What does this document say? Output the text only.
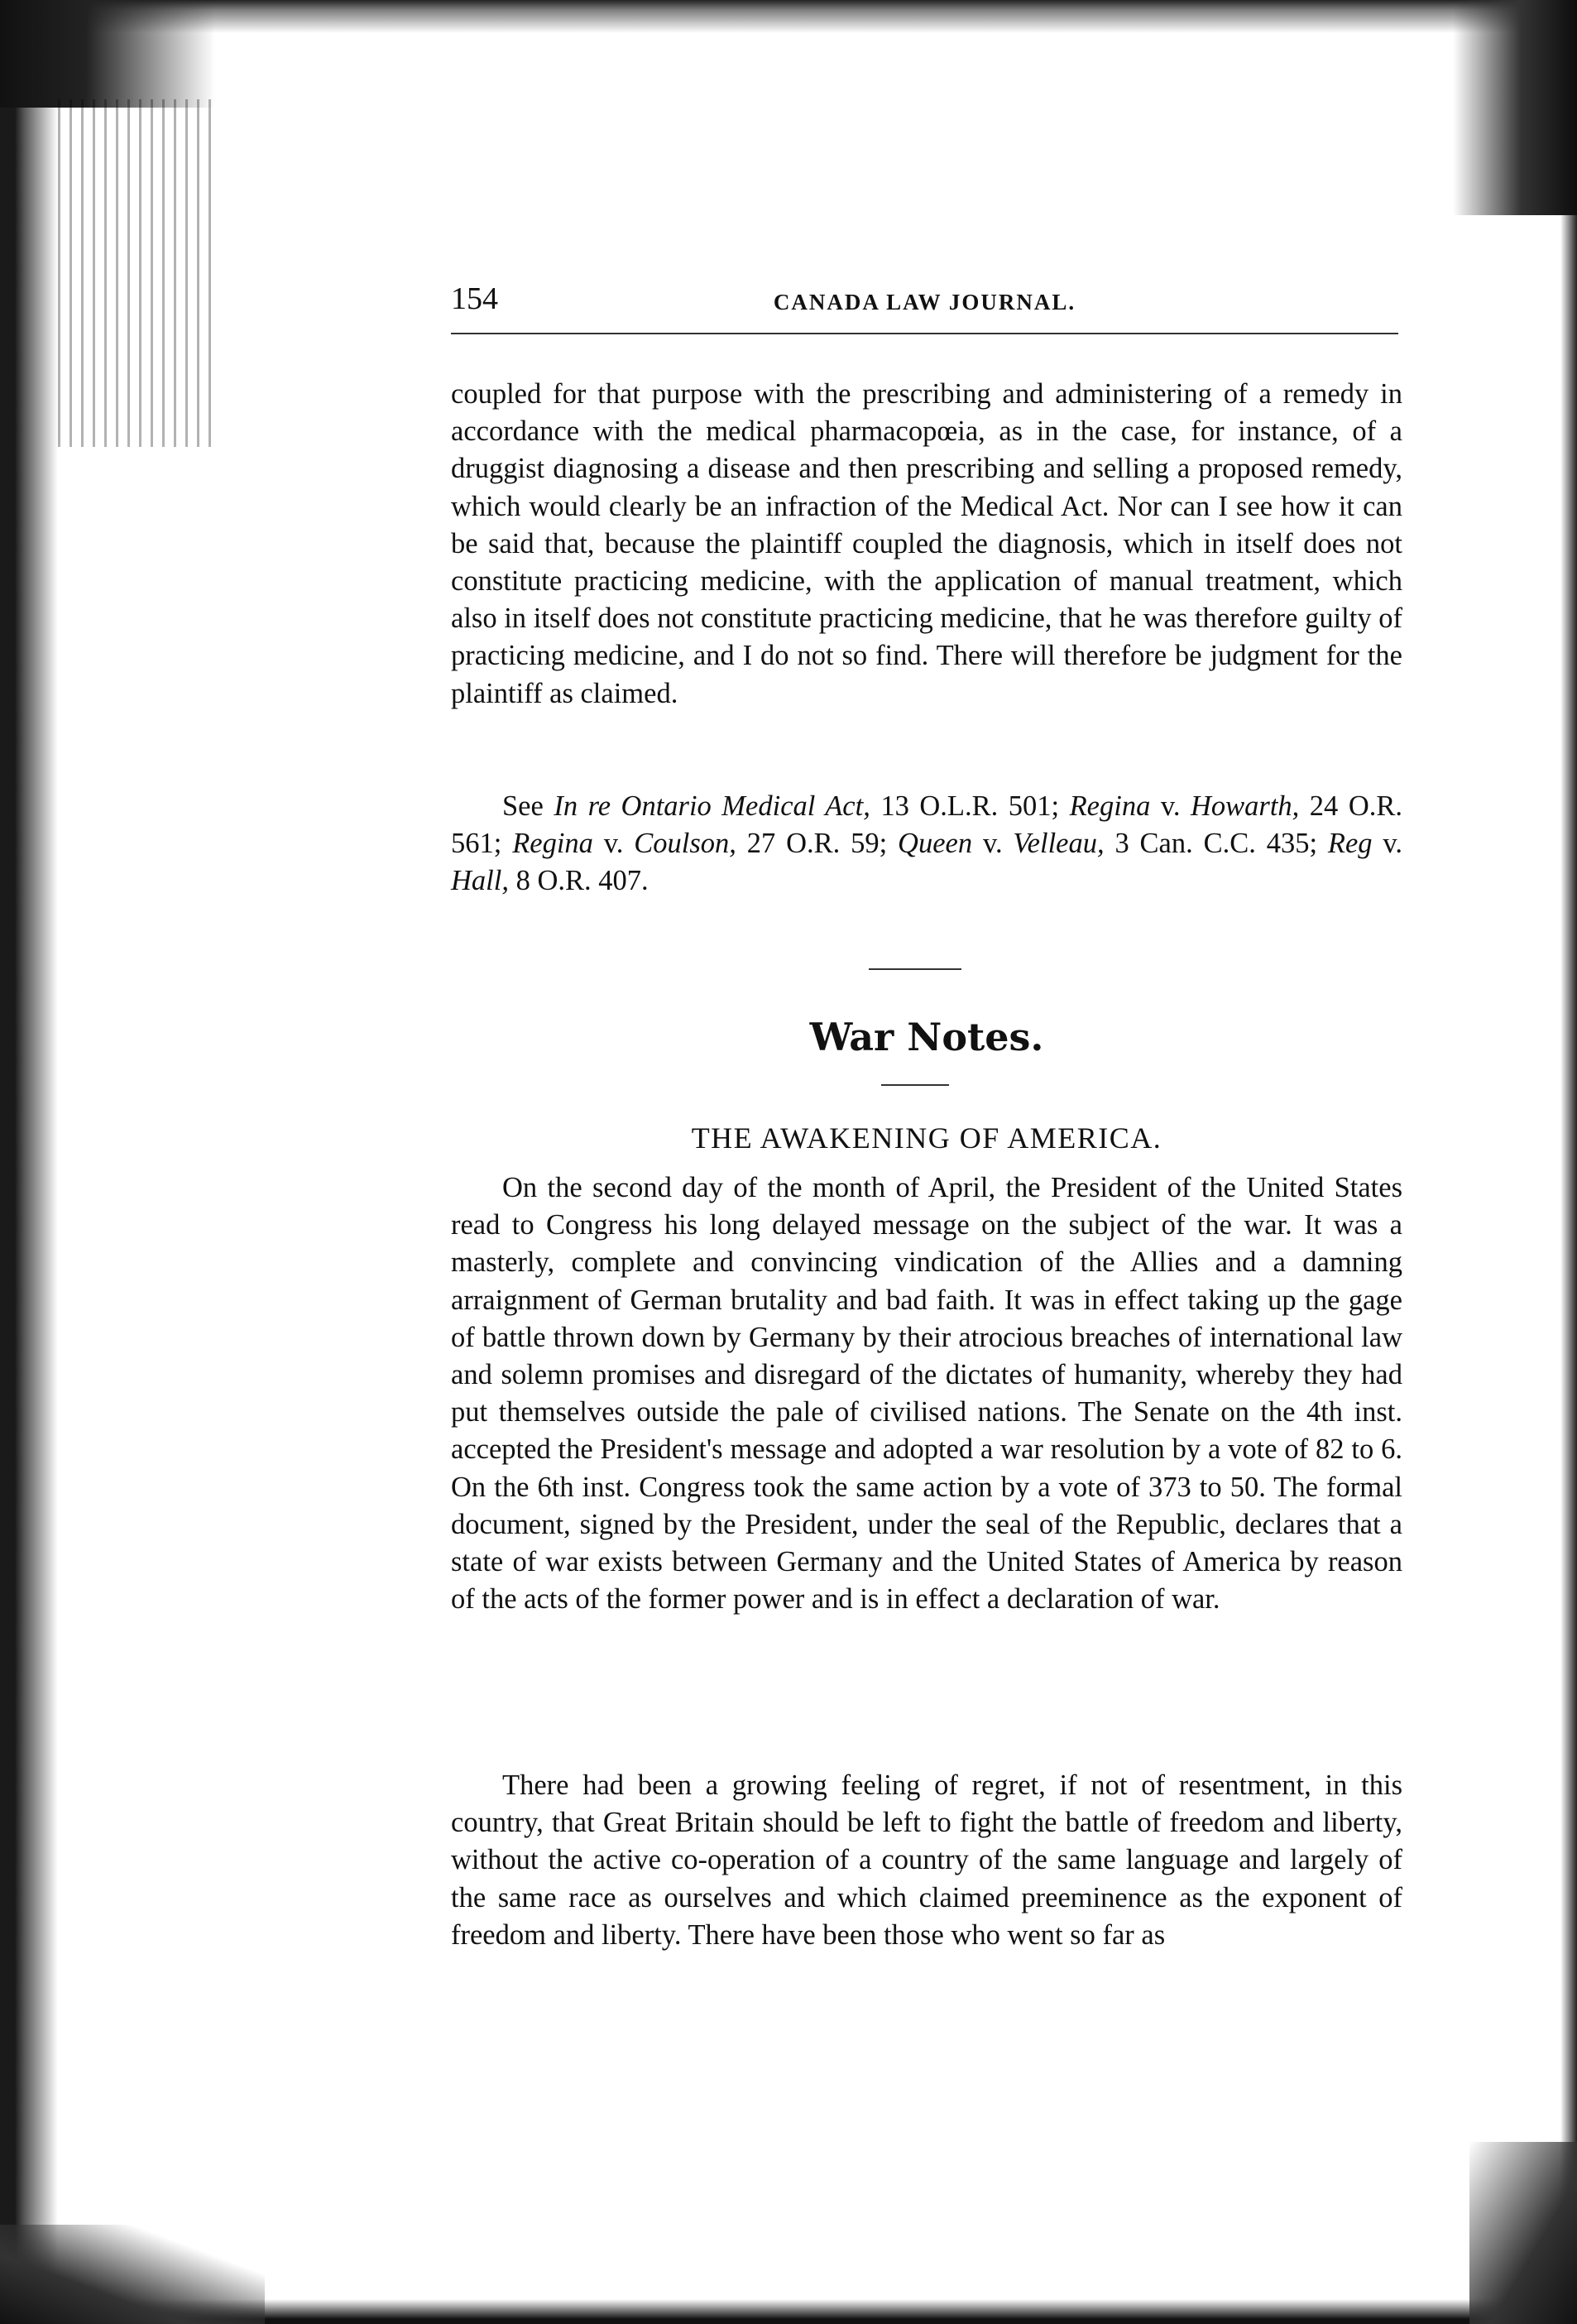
154	CANADA LAW JOURNAL.

coupled for that purpose with the prescribing and administering of a remedy in accordance with the medical pharmacopœia, as in the case, for instance, of a druggist diagnosing a disease and then prescribing and selling a proposed remedy, which would clearly be an infraction of the Medical Act. Nor can I see how it can be said that, because the plaintiff coupled the diagnosis, which in itself does not constitute practicing medicine, with the application of manual treatment, which also in itself does not constitute practicing medicine, that he was therefore guilty of practicing medicine, and I do not so find. There will therefore be judgment for the plaintiff as claimed.

See In re Ontario Medical Act, 13 O.L.R. 501; Regina v. Howarth, 24 O.R. 561; Regina v. Coulson, 27 O.R. 59; Queen v. Velleau, 3 Can. C.C. 435; Reg v. Hall, 8 O.R. 407.

War Notes.
THE AWAKENING OF AMERICA.

On the second day of the month of April, the President of the United States read to Congress his long delayed message on the subject of the war. It was a masterly, complete and convincing vindication of the Allies and a damning arraignment of German brutality and bad faith. It was in effect taking up the gage of battle thrown down by Germany by their atrocious breaches of international law and solemn promises and disregard of the dictates of humanity, whereby they had put themselves outside the pale of civilised nations. The Senate on the 4th inst. accepted the President's message and adopted a war resolution by a vote of 82 to 6. On the 6th inst. Congress took the same action by a vote of 373 to 50. The formal document, signed by the President, under the seal of the Republic, declares that a state of war exists between Germany and the United States of America by reason of the acts of the former power and is in effect a declaration of war.

There had been a growing feeling of regret, if not of resentment, in this country, that Great Britain should be left to fight the battle of freedom and liberty, without the active co-operation of a country of the same language and largely of the same race as ourselves and which claimed preeminence as the exponent of freedom and liberty. There have been those who went so far as
